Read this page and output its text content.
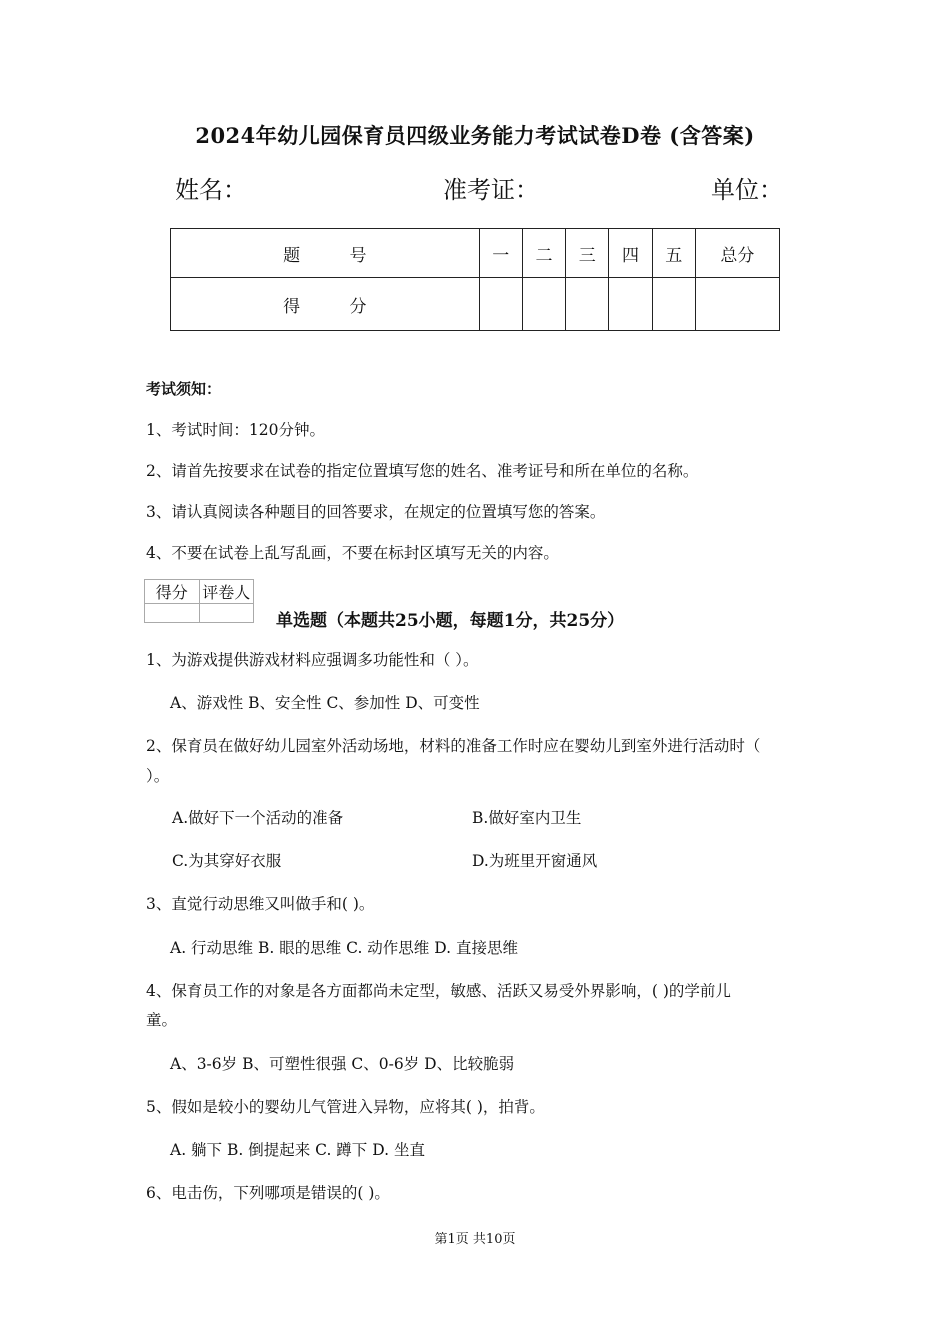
2024年幼儿园保育员四级业务能力考试试卷D卷 (含答案)
姓名：	准考证：	单位：
题 号	一	二	三	四	五	总分
得 分						
考试须知：
1、考试时间：120分钟。
2、请首先按要求在试卷的指定位置填写您的姓名、准考证号和所在单位的名称。
3、请认真阅读各种题目的回答要求，在规定的位置填写您的答案。
4、不要在试卷上乱写乱画，不要在标封区填写无关的内容。
得分	评卷人

单选题（本题共25小题，每题1分，共25分）
1、为游戏提供游戏材料应强调多功能性和（ ）。
A、游戏性 B、安全性 C、参加性 D、可变性
2、保育员在做好幼儿园室外活动场地，材料的准备工作时应在婴幼儿到室外进行活动时（
）。
A.做好下一个活动的准备	B.做好室内卫生
C.为其穿好衣服	D.为班里开窗通风
3、直觉行动思维又叫做手和( )。
A. 行动思维 B. 眼的思维 C. 动作思维 D. 直接思维
4、保育员工作的对象是各方面都尚未定型，敏感、活跃又易受外界影响，( )的学前儿
童。
A、3-6岁 B、可塑性很强 C、0-6岁 D、比较脆弱
5、假如是较小的婴幼儿气管进入异物，应将其( )，拍背。
A. 躺下 B. 倒提起来 C. 蹲下 D. 坐直
6、电击伤，下列哪项是错误的( )。
第1页 共10页
